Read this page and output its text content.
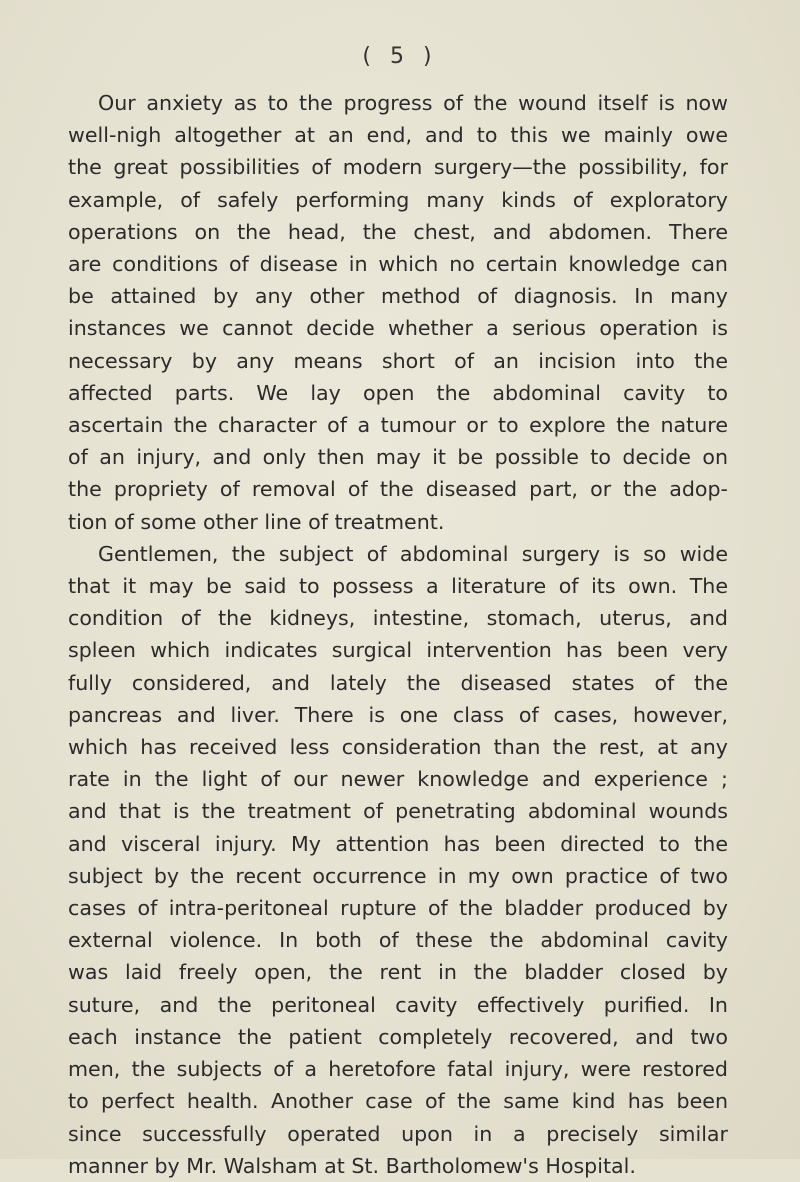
( 5 )
Our anxiety as to the progress of the wound itself is now
well-nigh altogether at an end, and to this we mainly owe
the great possibilities of modern surgery—the possibility, for
example, of safely performing many kinds of exploratory
operations on the head, the chest, and abdomen. There
are conditions of disease in which no certain knowledge can
be attained by any other method of diagnosis. In many
instances we cannot decide whether a serious operation is
necessary by any means short of an incision into the
affected parts. We lay open the abdominal cavity to
ascertain the character of a tumour or to explore the nature
of an injury, and only then may it be possible to decide on
the propriety of removal of the diseased part, or the adop-
tion of some other line of treatment.
Gentlemen, the subject of abdominal surgery is so wide
that it may be said to possess a literature of its own. The
condition of the kidneys, intestine, stomach, uterus, and
spleen which indicates surgical intervention has been very
fully considered, and lately the diseased states of the
pancreas and liver. There is one class of cases, however,
which has received less consideration than the rest, at any
rate in the light of our newer knowledge and experience ;
and that is the treatment of penetrating abdominal wounds
and visceral injury. My attention has been directed to the
subject by the recent occurrence in my own practice of two
cases of intra-peritoneal rupture of the bladder produced by
external violence. In both of these the abdominal cavity
was laid freely open, the rent in the bladder closed by
suture, and the peritoneal cavity effectively purified. In
each instance the patient completely recovered, and two
men, the subjects of a heretofore fatal injury, were restored
to perfect health. Another case of the same kind has been
since successfully operated upon in a precisely similar
manner by Mr. Walsham at St. Bartholomew's Hospital.
